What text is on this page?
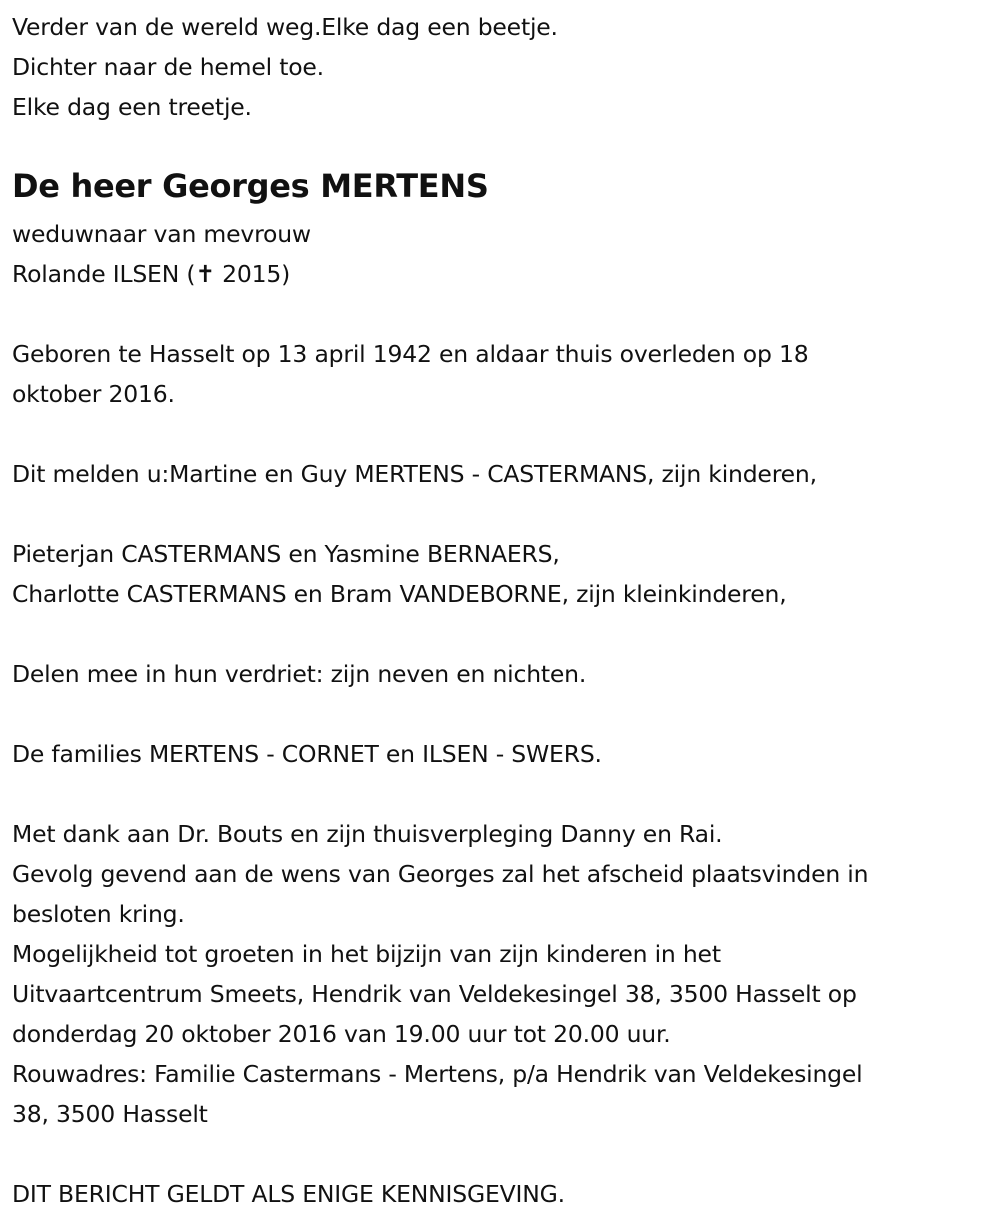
Verder van de wereld weg.Elke dag een beetje.
Dichter naar de hemel toe.
Elke dag een treetje.
De heer Georges MERTENS
weduwnaar van mevrouw
Rolande ILSEN (✝ 2015)
Geboren te Hasselt op 13 april 1942 en aldaar thuis overleden op 18
oktober 2016.
Dit melden u:Martine en Guy MERTENS - CASTERMANS, zijn kinderen,
Pieterjan CASTERMANS en Yasmine BERNAERS,
Charlotte CASTERMANS en Bram VANDEBORNE, zijn kleinkinderen,
Delen mee in hun verdriet: zijn neven en nichten.
De families MERTENS - CORNET en ILSEN - SWERS.
Met dank aan Dr. Bouts en zijn thuisverpleging Danny en Rai.
Gevolg gevend aan de wens van Georges zal het afscheid plaatsvinden in
besloten kring.
Mogelijkheid tot groeten in het bijzijn van zijn kinderen in het
Uitvaartcentrum Smeets, Hendrik van Veldekesingel 38, 3500 Hasselt op
donderdag 20 oktober 2016 van 19.00 uur tot 20.00 uur.
Rouwadres: Familie Castermans - Mertens, p/a Hendrik van Veldekesingel
38, 3500 Hasselt
DIT BERICHT GELDT ALS ENIGE KENNISGEVING.
